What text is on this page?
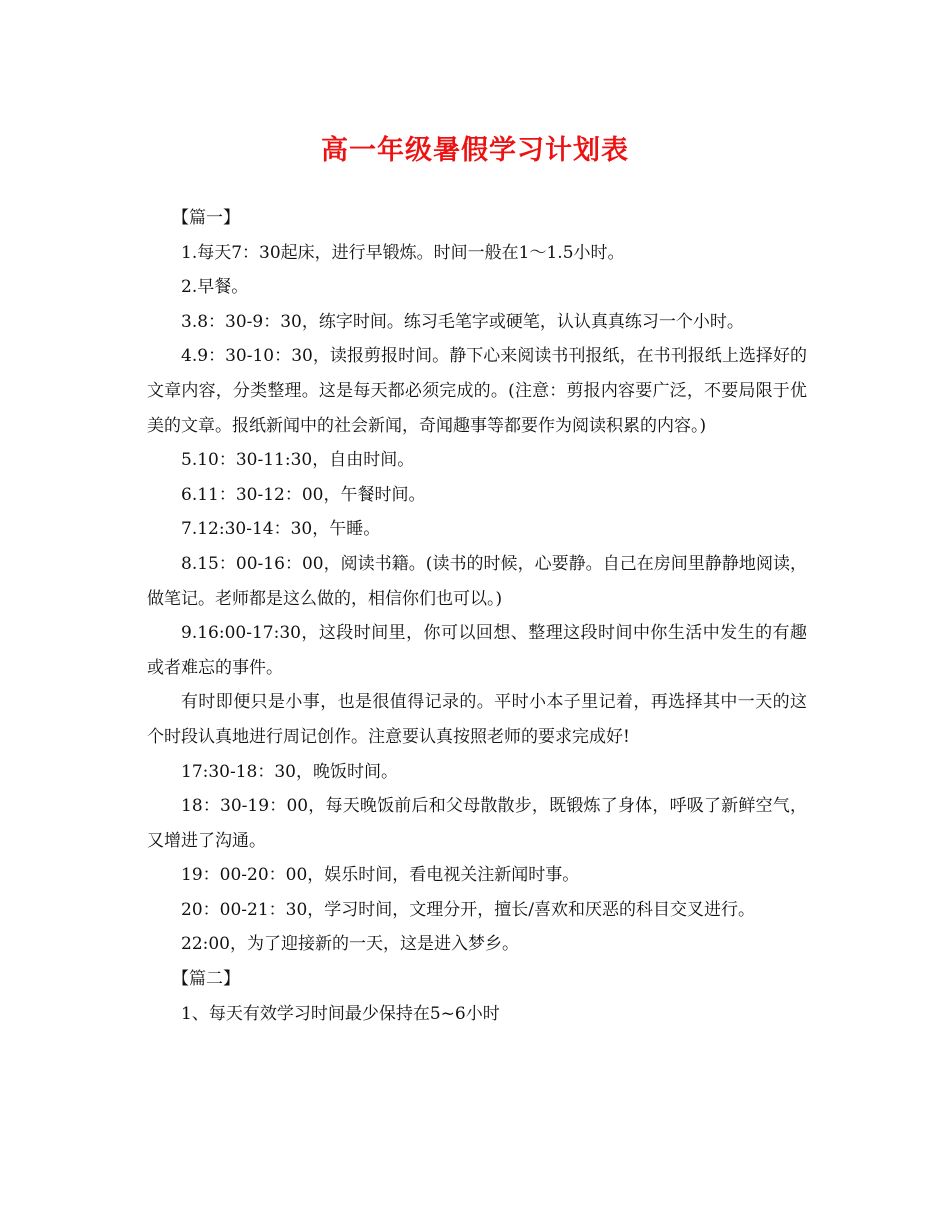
高一年级暑假学习计划表

【篇一】

1.每天7：30起床，进行早锻炼。时间一般在1～1.5小时。

2.早餐。

3.8：30-9：30，练字时间。练习毛笔字或硬笔，认认真真练习一个小时。

4.9：30-10：30，读报剪报时间。静下心来阅读书刊报纸，在书刊报纸上选择好的文章内容，分类整理。这是每天都必须完成的。(注意：剪报内容要广泛，不要局限于优美的文章。报纸新闻中的社会新闻，奇闻趣事等都要作为阅读积累的内容。)

5.10：30-11:30，自由时间。

6.11：30-12：00，午餐时间。

7.12:30-14：30，午睡。

8.15：00-16：00，阅读书籍。(读书的时候，心要静。自己在房间里静静地阅读，做笔记。老师都是这么做的，相信你们也可以。)

9.16:00-17:30，这段时间里，你可以回想、整理这段时间中你生活中发生的有趣或者难忘的事件。

有时即便只是小事，也是很值得记录的。平时小本子里记着，再选择其中一天的这个时段认真地进行周记创作。注意要认真按照老师的要求完成好!

17:30-18：30，晚饭时间。

18：30-19：00，每天晚饭前后和父母散散步，既锻炼了身体，呼吸了新鲜空气，又增进了沟通。

19：00-20：00，娱乐时间，看电视关注新闻时事。

20：00-21：30，学习时间，文理分开，擅长/喜欢和厌恶的科目交叉进行。

22:00，为了迎接新的一天，这是进入梦乡。

【篇二】

1、每天有效学习时间最少保持在5~6小时
